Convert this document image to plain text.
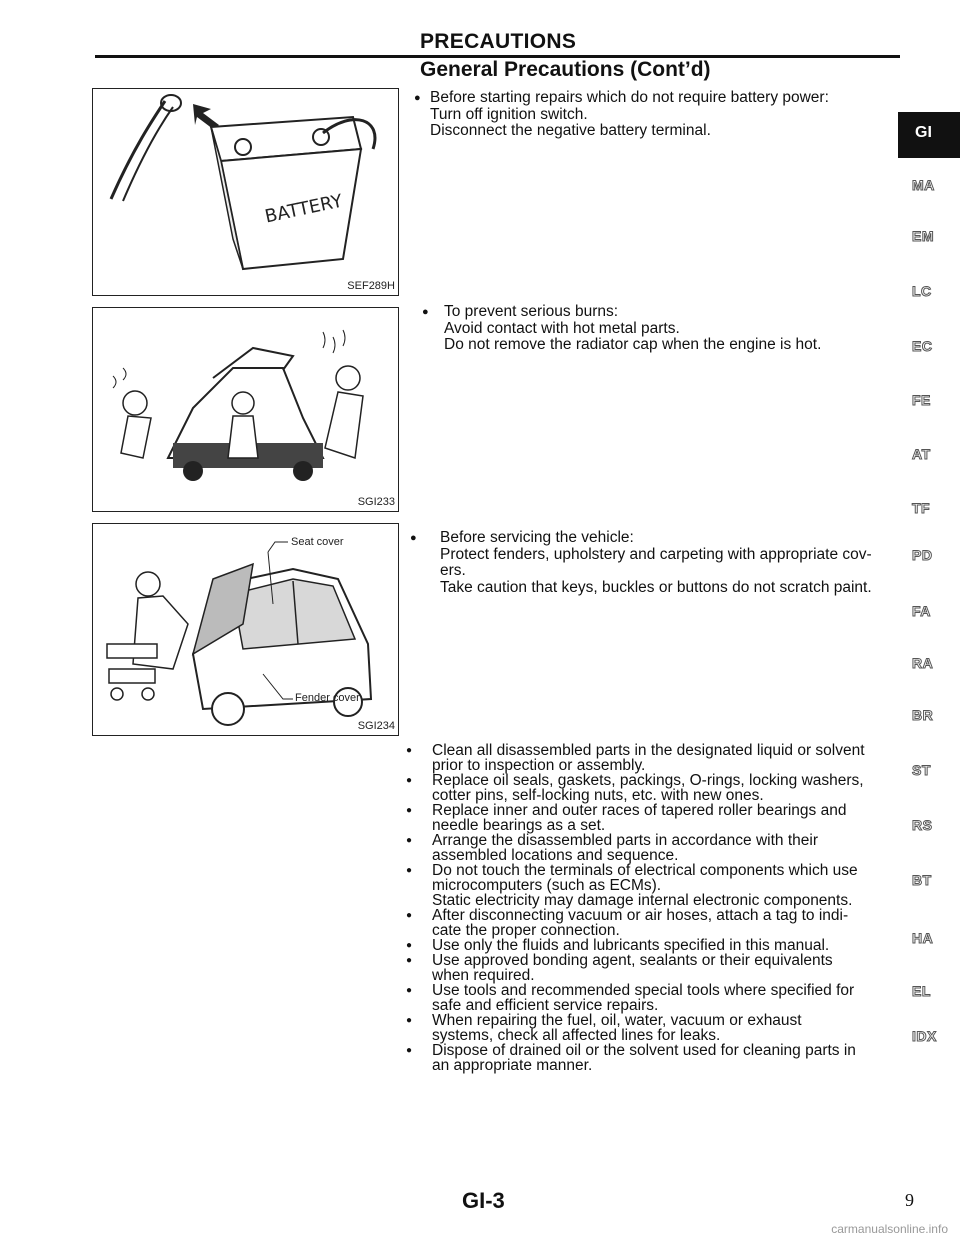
PRECAUTIONS
General Precautions (Cont’d)
BATTERY
SEF289H
SGI233
Seat cover
Fender cover
SGI234
● Before starting repairs which do not require battery power:
Turn off ignition switch.
Disconnect the negative battery terminal.
● To prevent serious burns:
Avoid contact with hot metal parts.
Do not remove the radiator cap when the engine is hot.
● Before servicing the vehicle:
Protect fenders, upholstery and carpeting with appropriate cov-
ers.
Take caution that keys, buckles or buttons do not scratch paint.
● Clean all disassembled parts in the designated liquid or solvent
prior to inspection or assembly.
● Replace oil seals, gaskets, packings, O-rings, locking washers,
cotter pins, self-locking nuts, etc. with new ones.
● Replace inner and outer races of tapered roller bearings and
needle bearings as a set.
● Arrange the disassembled parts in accordance with their
assembled locations and sequence.
● Do not touch the terminals of electrical components which use
microcomputers (such as ECMs).
Static electricity may damage internal electronic components.
● After disconnecting vacuum or air hoses, attach a tag to indi-
cate the proper connection.
● Use only the fluids and lubricants specified in this manual.
● Use approved bonding agent, sealants or their equivalents
when required.
● Use tools and recommended special tools where specified for
safe and efficient service repairs.
● When repairing the fuel, oil, water, vacuum or exhaust
systems, check all affected lines for leaks.
● Dispose of drained oil or the solvent used for cleaning parts in
an appropriate manner.
GI
MA
EM
LC
EC
FE
AT
TF
PD
FA
RA
BR
ST
RS
BT
HA
EL
IDX
GI-3	9
carmanualsonline.info
